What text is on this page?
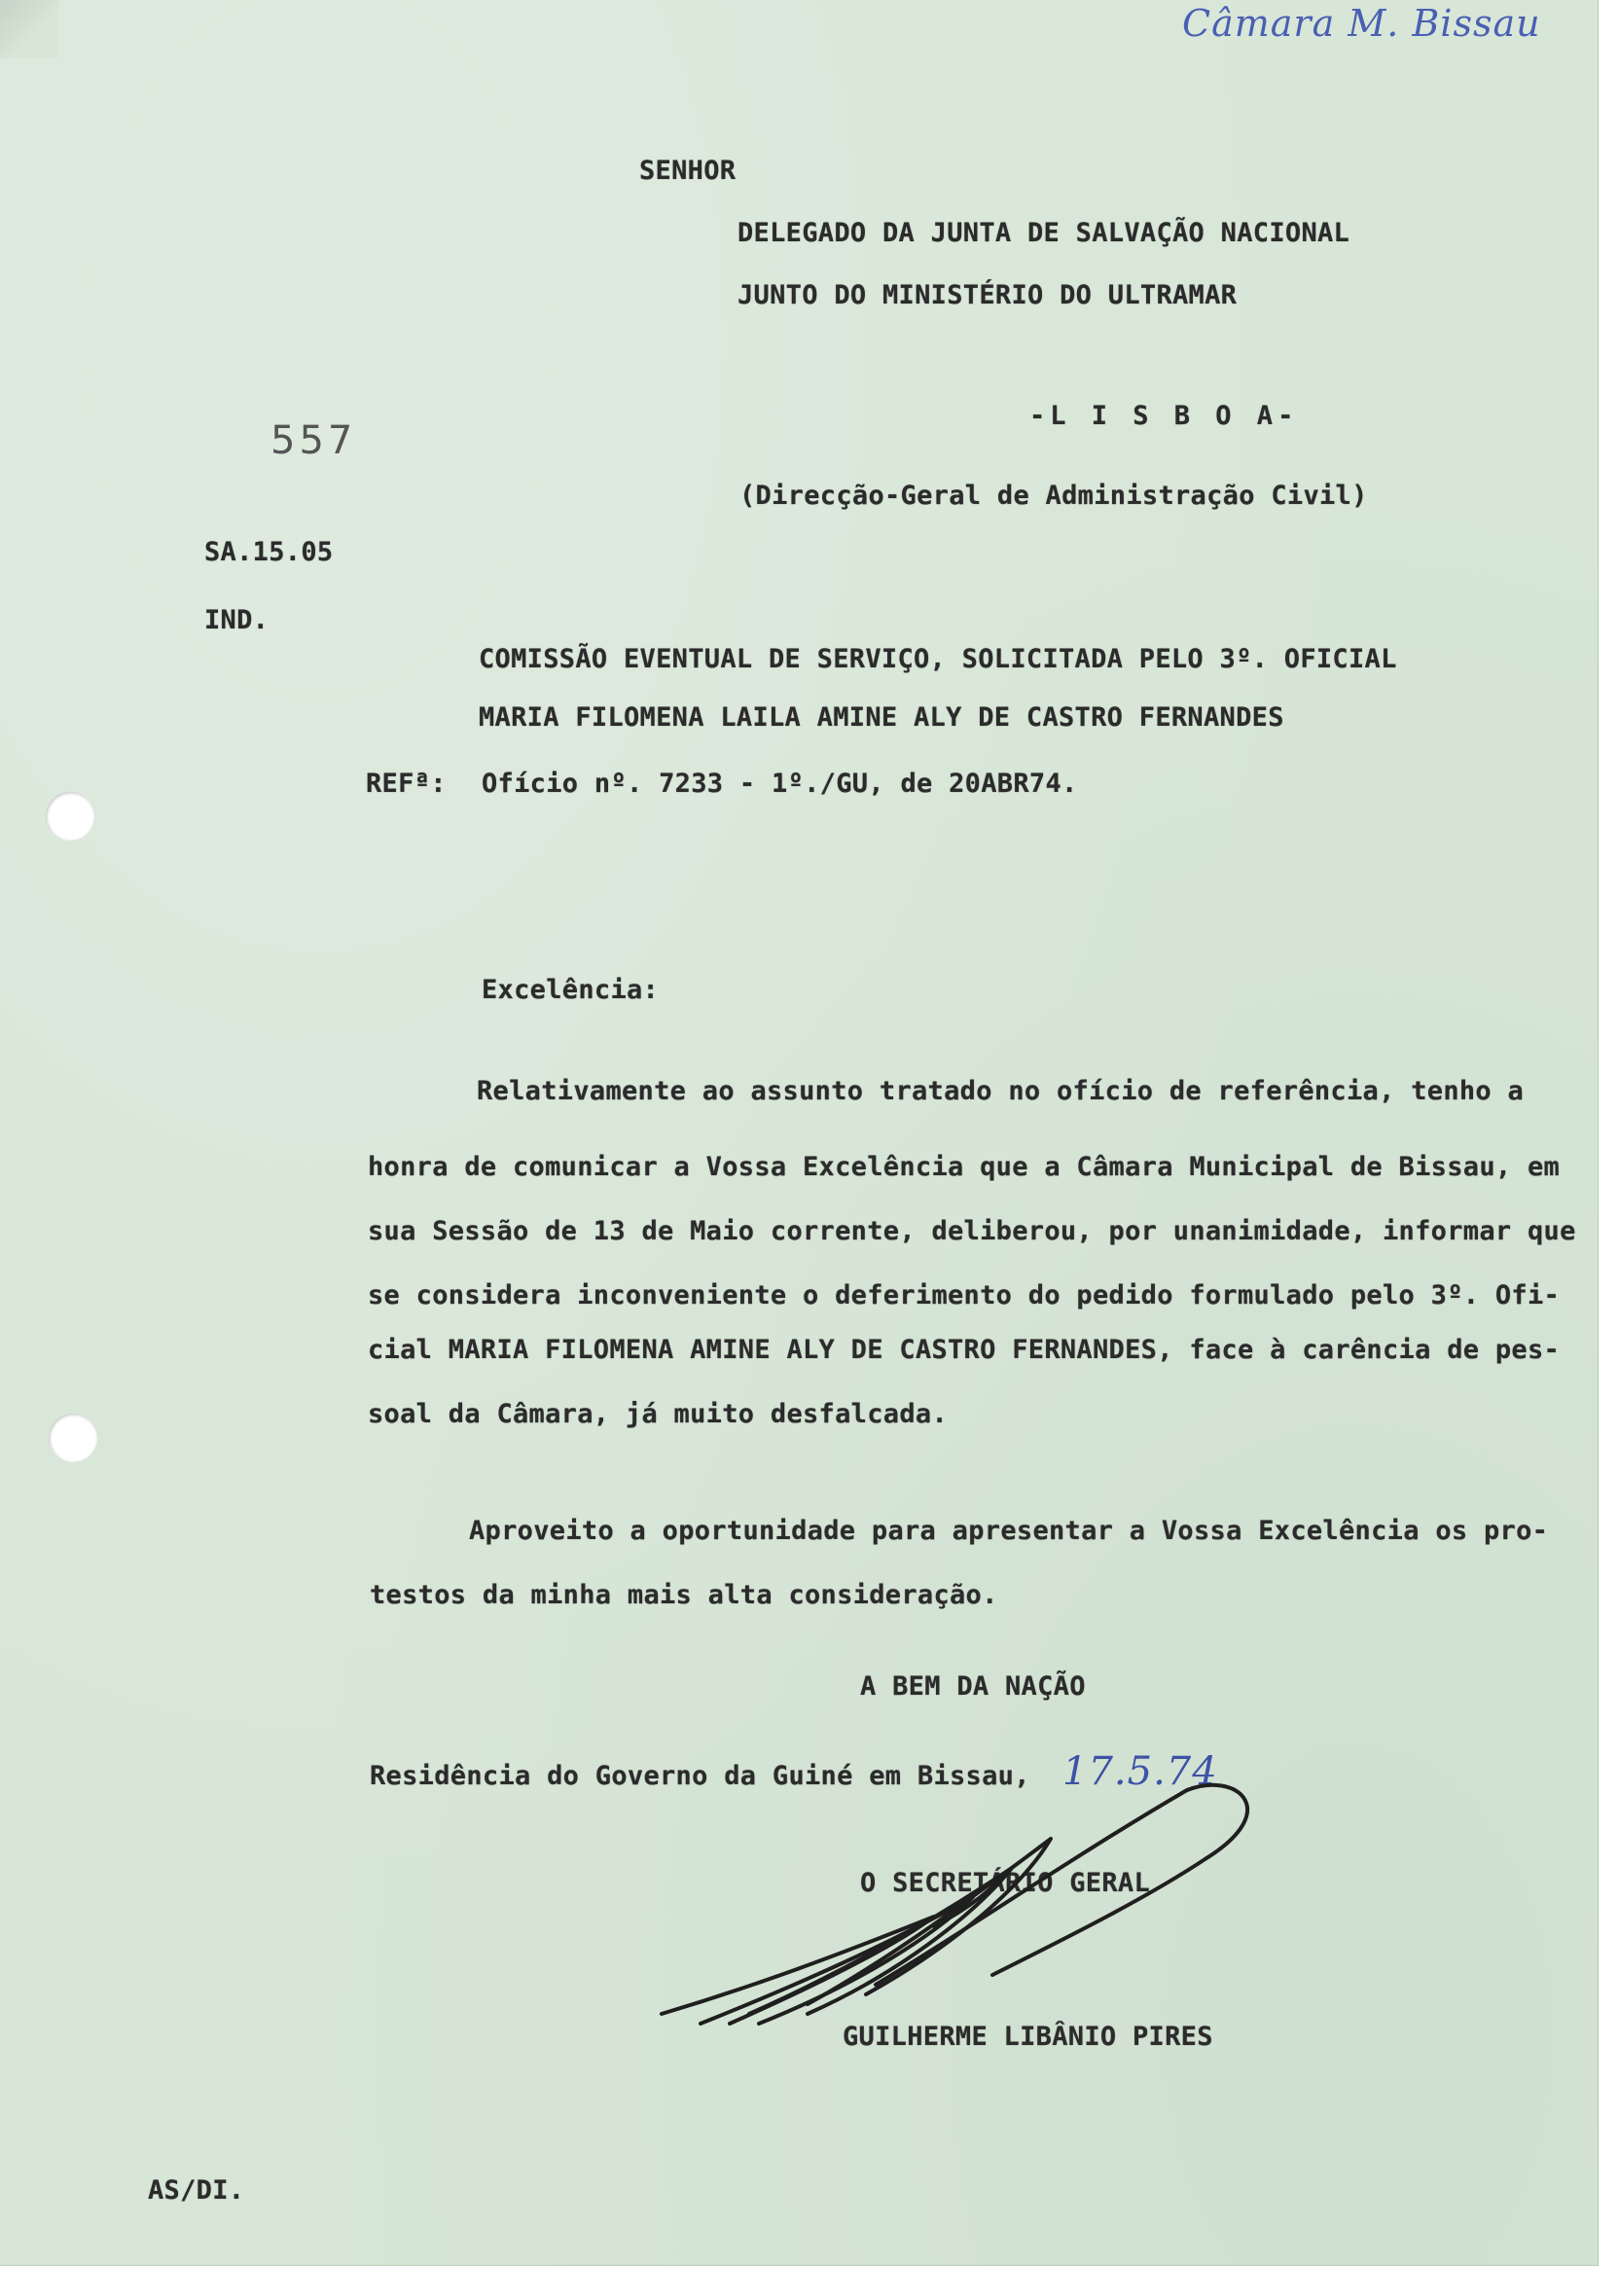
Câmara M. Bissau
SENHOR
DELEGADO DA JUNTA DE SALVAÇÃO NACIONAL
JUNTO DO MINISTÉRIO DO ULTRAMAR
-L I S B O A-
(Direcção-Geral de Administração Civil)
557
SA.15.05
IND.
COMISSÃO EVENTUAL DE SERVIÇO, SOLICITADA PELO 3º. OFICIAL
MARIA FILOMENA LAILA AMINE ALY DE CASTRO FERNANDES
REFª: Ofício nº. 7233 - 1º./GU, de 20ABR74.
Excelência:
Relativamente ao assunto tratado no ofício de referência, tenho a
honra de comunicar a Vossa Excelência que a Câmara Municipal de Bissau, em
sua Sessão de 13 de Maio corrente, deliberou, por unanimidade, informar que
se considera inconveniente o deferimento do pedido formulado pelo 3º. Ofi-
cial MARIA FILOMENA AMINE ALY DE CASTRO FERNANDES, face à carência de pes-
soal da Câmara, já muito desfalcada.
Aproveito a oportunidade para apresentar a Vossa Excelência os pro-
testos da minha mais alta consideração.
A BEM DA NAÇÃO
Residência do Governo da Guiné em Bissau, 17.5.74
O SECRETÁRIO GERAL
GUILHERME LIBÂNIO PIRES
AS/DI.
